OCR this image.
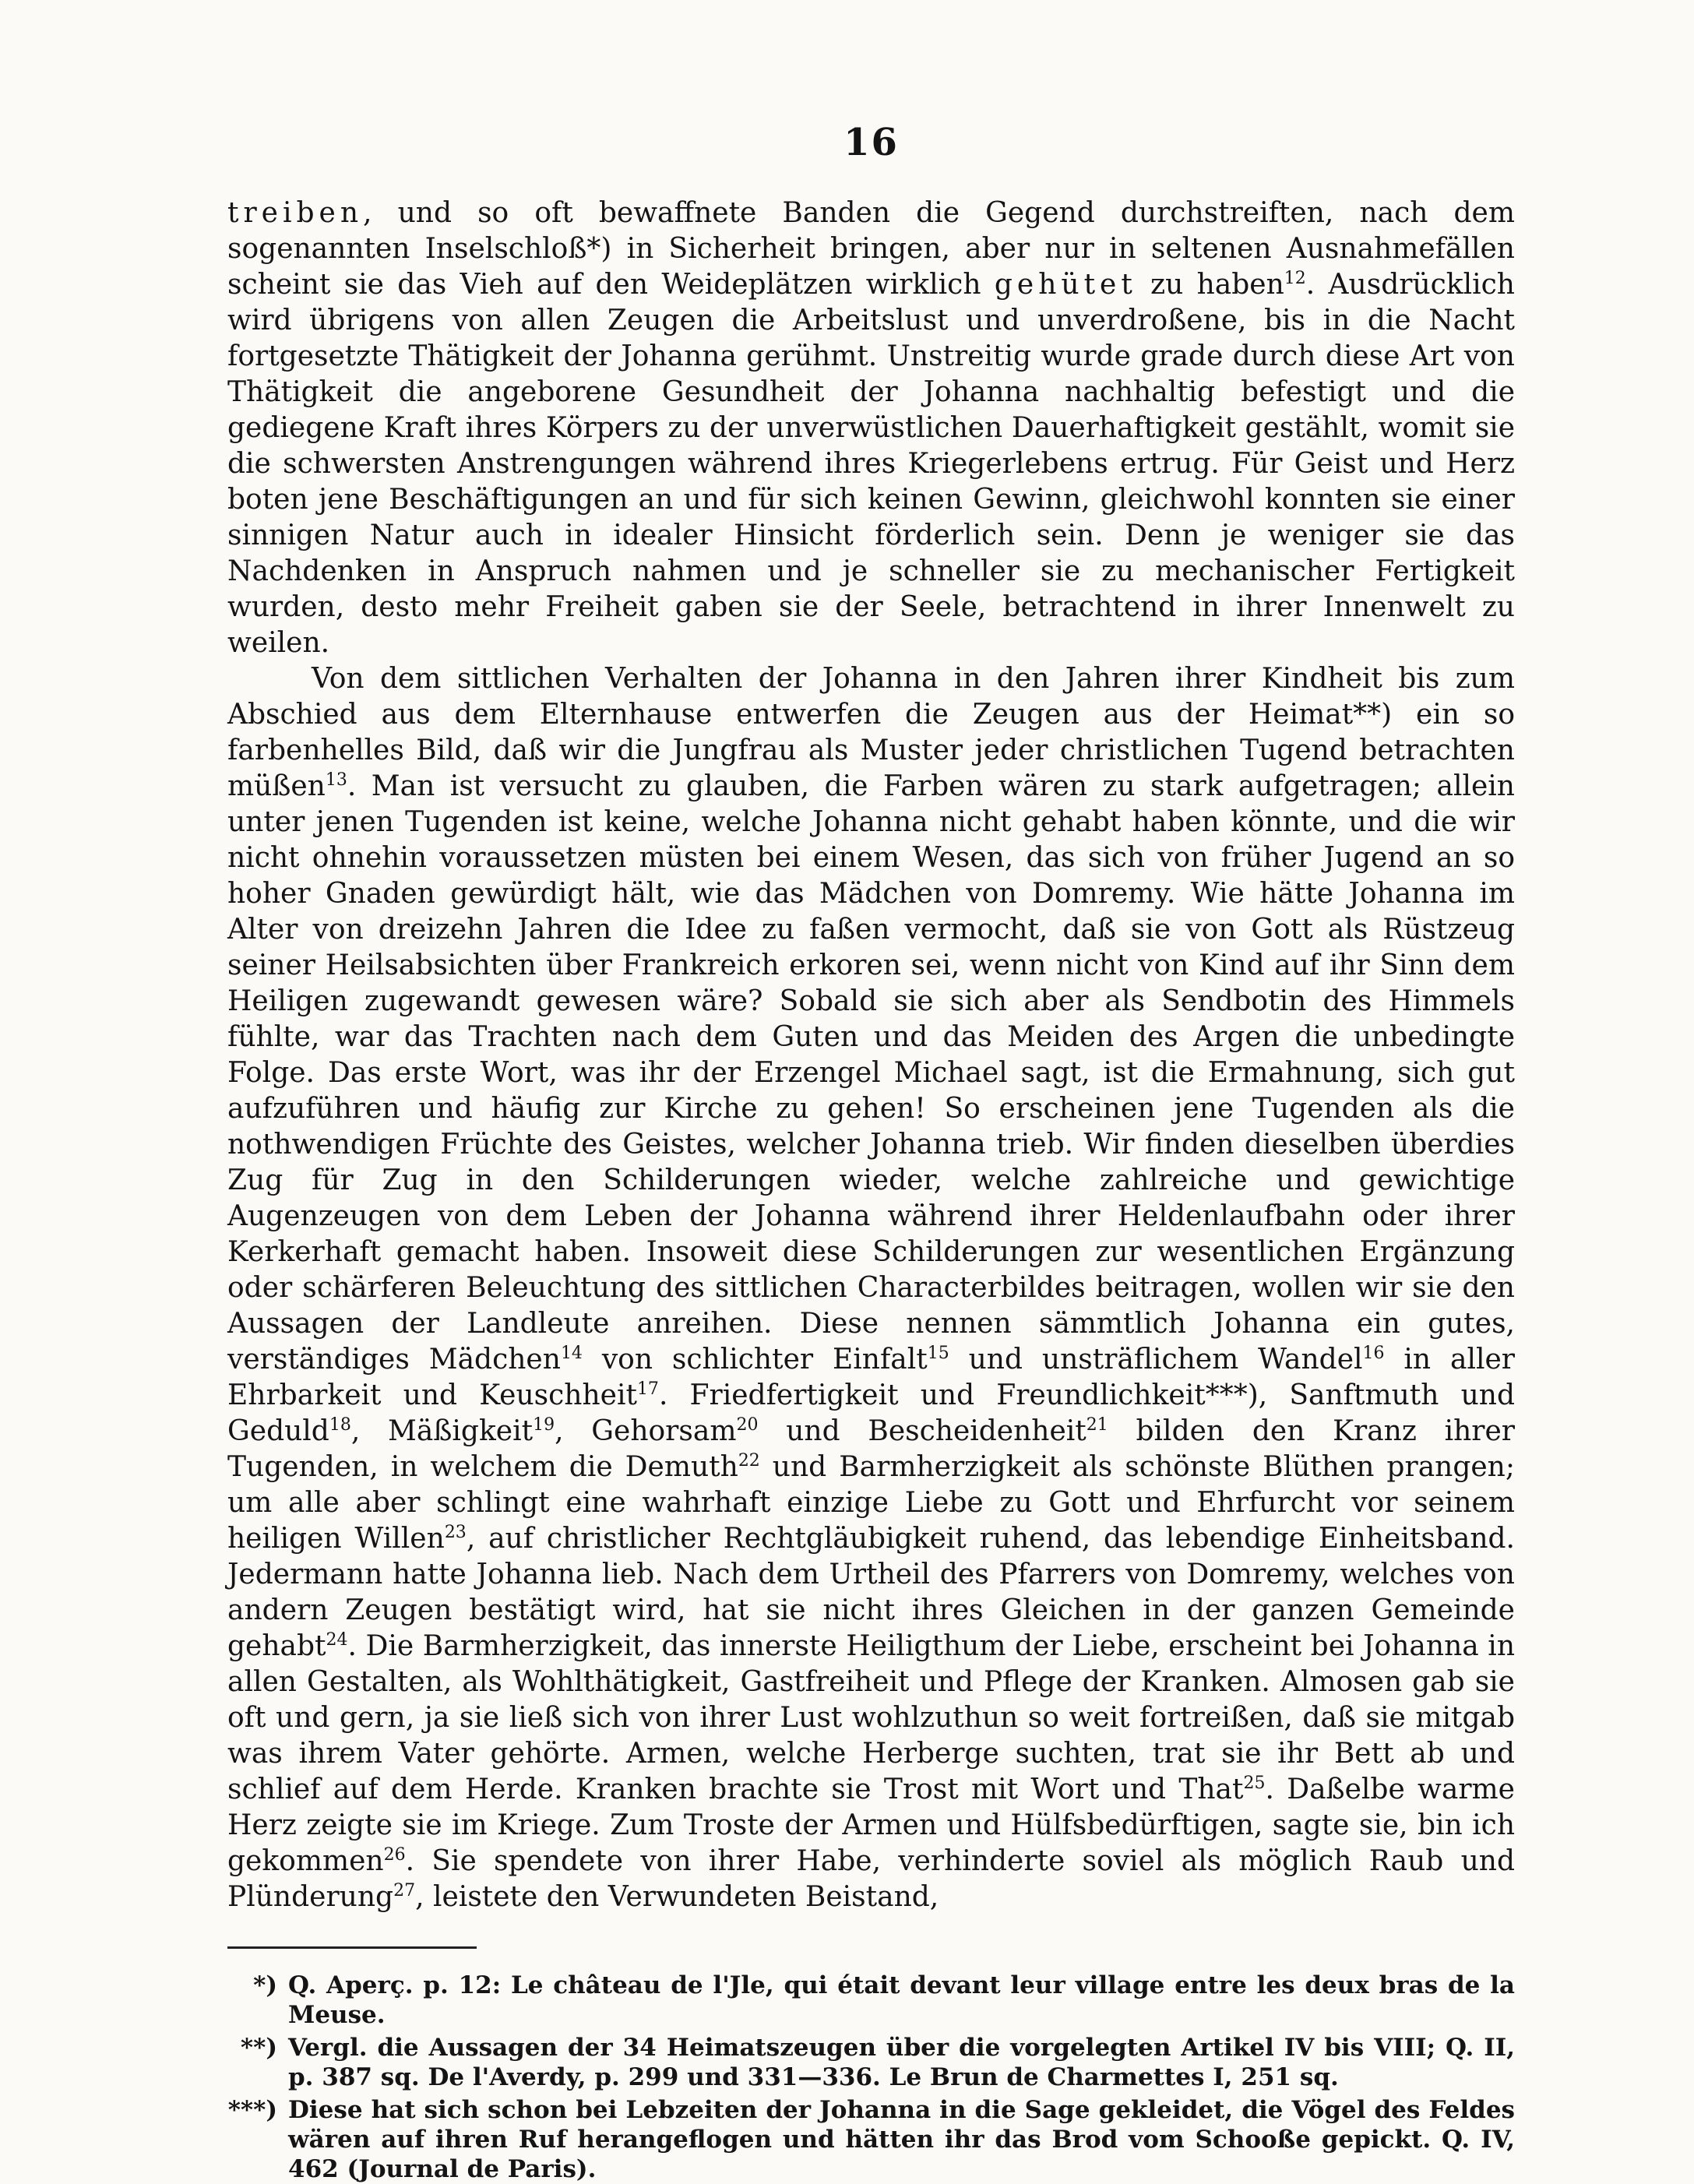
16

treiben, und so oft bewaffnete Banden die Gegend durchstreiften, nach dem sogenannten Inselschloß*) in Sicherheit bringen, aber nur in seltenen Ausnahmefällen scheint sie das Vieh auf den Weideplätzen wirklich gehütet zu haben$^{12}$. Ausdrücklich wird übrigens von allen Zeugen die Arbeitslust und unverdroßene, bis in die Nacht fortgesetzte Thätigkeit der Johanna gerühmt. Unstreitig wurde grade durch diese Art von Thätigkeit die angeborene Gesundheit der Johanna nachhaltig befestigt und die gediegene Kraft ihres Körpers zu der unverwüstlichen Dauerhaftigkeit gestählt, womit sie die schwersten Anstrengungen während ihres Kriegerlebens ertrug. Für Geist und Herz boten jene Beschäftigungen an und für sich keinen Gewinn, gleichwohl konnten sie einer sinnigen Natur auch in idealer Hinsicht förderlich sein. Denn je weniger sie das Nachdenken in Anspruch nahmen und je schneller sie zu mechanischer Fertigkeit wurden, desto mehr Freiheit gaben sie der Seele, betrachtend in ihrer Innenwelt zu weilen.

Von dem sittlichen Verhalten der Johanna in den Jahren ihrer Kindheit bis zum Abschied aus dem Elternhause entwerfen die Zeugen aus der Heimat**) ein so farbenhelles Bild, daß wir die Jungfrau als Muster jeder christlichen Tugend betrachten müßen$^{13}$. Man ist versucht zu glauben, die Farben wären zu stark aufgetragen; allein unter jenen Tugenden ist keine, welche Johanna nicht gehabt haben könnte, und die wir nicht ohnehin voraussetzen müsten bei einem Wesen, das sich von früher Jugend an so hoher Gnaden gewürdigt hält, wie das Mädchen von Domremy. Wie hätte Johanna im Alter von dreizehn Jahren die Idee zu faßen vermocht, daß sie von Gott als Rüstzeug seiner Heilsabsichten über Frankreich erkoren sei, wenn nicht von Kind auf ihr Sinn dem Heiligen zugewandt gewesen wäre? Sobald sie sich aber als Sendbotin des Himmels fühlte, war das Trachten nach dem Guten und das Meiden des Argen die unbedingte Folge. Das erste Wort, was ihr der Erzengel Michael sagt, ist die Ermahnung, sich gut aufzuführen und häufig zur Kirche zu gehen! So erscheinen jene Tugenden als die nothwendigen Früchte des Geistes, welcher Johanna trieb. Wir finden dieselben überdies Zug für Zug in den Schilderungen wieder, welche zahlreiche und gewichtige Augenzeugen von dem Leben der Johanna während ihrer Heldenlaufbahn oder ihrer Kerkerhaft gemacht haben. Insoweit diese Schilderungen zur wesentlichen Ergänzung oder schärferen Beleuchtung des sittlichen Characterbildes beitragen, wollen wir sie den Aussagen der Landleute anreihen. Diese nennen sämmtlich Johanna ein gutes, verständiges Mädchen$^{14}$ von schlichter Einfalt$^{15}$ und unsträflichem Wandel$^{16}$ in aller Ehrbarkeit und Keuschheit$^{17}$. Friedfertigkeit und Freundlichkeit***), Sanftmuth und Geduld$^{18}$, Mäßigkeit$^{19}$, Gehorsam$^{20}$ und Bescheidenheit$^{21}$ bilden den Kranz ihrer Tugenden, in welchem die Demuth$^{22}$ und Barmherzigkeit als schönste Blüthen prangen; um alle aber schlingt eine wahrhaft einzige Liebe zu Gott und Ehrfurcht vor seinem heiligen Willen$^{23}$, auf christlicher Rechtgläubigkeit ruhend, das lebendige Einheitsband. Jedermann hatte Johanna lieb. Nach dem Urtheil des Pfarrers von Domremy, welches von andern Zeugen bestätigt wird, hat sie nicht ihres Gleichen in der ganzen Gemeinde gehabt$^{24}$. Die Barmherzigkeit, das innerste Heiligthum der Liebe, erscheint bei Johanna in allen Gestalten, als Wohlthätigkeit, Gastfreiheit und Pflege der Kranken. Almosen gab sie oft und gern, ja sie ließ sich von ihrer Lust wohlzuthun so weit fortreißen, daß sie mitgab was ihrem Vater gehörte. Armen, welche Herberge suchten, trat sie ihr Bett ab und schlief auf dem Herde. Kranken brachte sie Trost mit Wort und That$^{25}$. Daßelbe warme Herz zeigte sie im Kriege. Zum Troste der Armen und Hülfsbedürftigen, sagte sie, bin ich gekommen$^{26}$. Sie spendete von ihrer Habe, verhinderte soviel als möglich Raub und Plünderung$^{27}$, leistete den Verwundeten Beistand,

*) Q. Aperç. p. 12: Le château de l'Jle, qui était devant leur village entre les deux bras de la Meuse.
**) Vergl. die Aussagen der 34 Heimatszeugen über die vorgelegten Artikel IV bis VIII; Q. II, p. 387 sq. De l'Averdy, p. 299 und 331—336. Le Brun de Charmettes I, 251 sq.
***) Diese hat sich schon bei Lebzeiten der Johanna in die Sage gekleidet, die Vögel des Feldes wären auf ihren Ruf herangeflogen und hätten ihr das Brod vom Schooße gepickt. Q. IV, 462 (Journal de Paris).
